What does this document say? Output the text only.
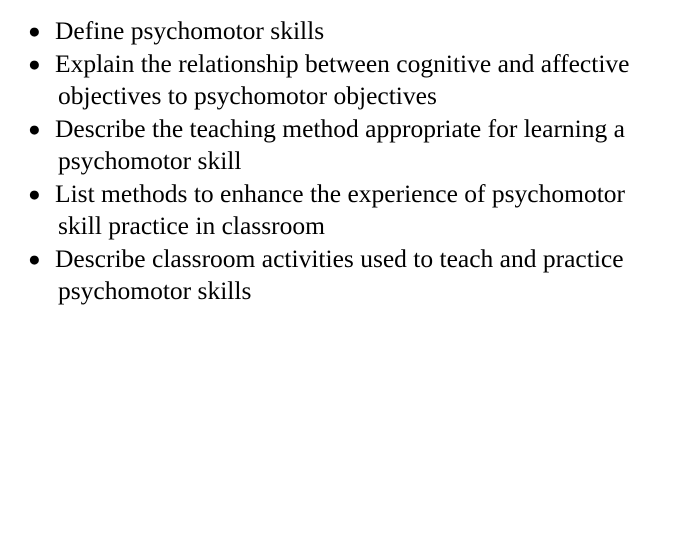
● Define psychomotor skills
● Explain the relationship between cognitive and affective
objectives to psychomotor objectives
● Describe the teaching method appropriate for learning a
psychomotor skill
● List methods to enhance the experience of psychomotor
skill practice in classroom
● Describe classroom activities used to teach and practice
psychomotor skills
